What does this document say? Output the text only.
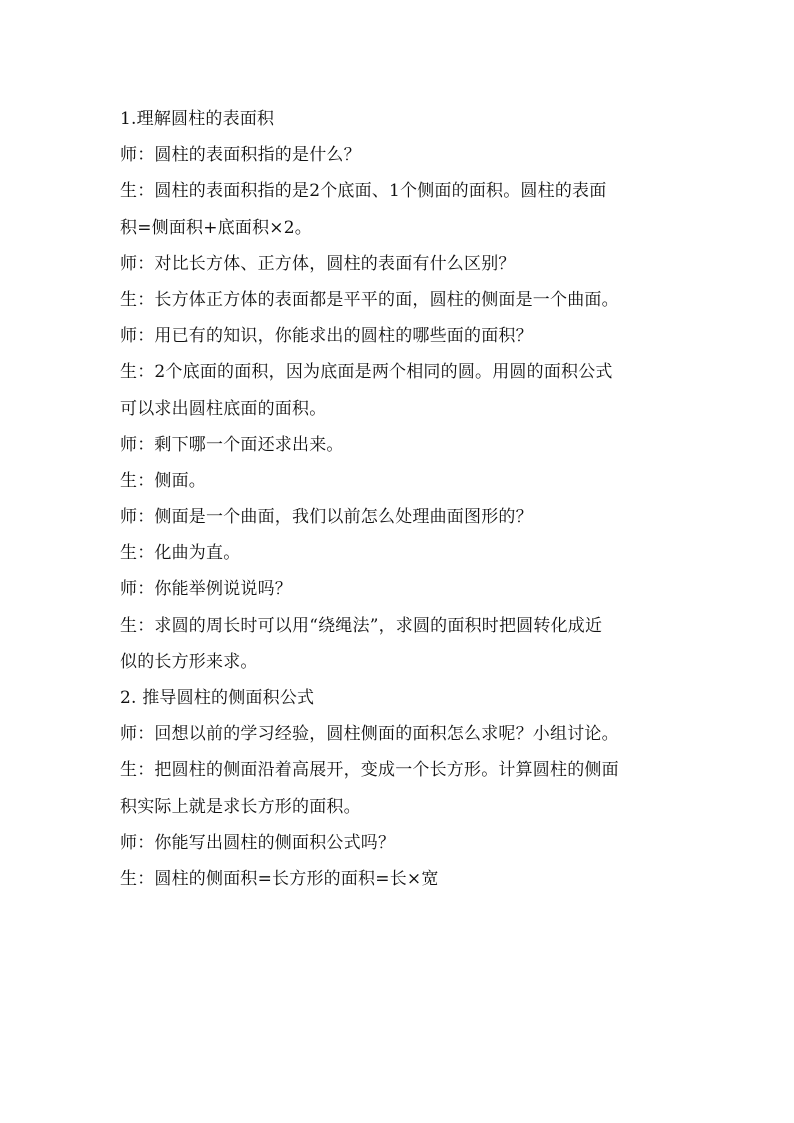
1.理解圆柱的表面积
师：圆柱的表面积指的是什么？
生：圆柱的表面积指的是2个底面、1个侧面的面积。圆柱的表面
积=侧面积+底面积×2。
师：对比长方体、正方体，圆柱的表面有什么区别？
生：长方体正方体的表面都是平平的面，圆柱的侧面是一个曲面。
师：用已有的知识，你能求出的圆柱的哪些面的面积？
生：2个底面的面积，因为底面是两个相同的圆。用圆的面积公式
可以求出圆柱底面的面积。
师：剩下哪一个面还求出来。
生：侧面。
师：侧面是一个曲面，我们以前怎么处理曲面图形的？
生：化曲为直。
师：你能举例说说吗？
生：求圆的周长时可以用“绕绳法”，求圆的面积时把圆转化成近
似的长方形来求。
2. 推导圆柱的侧面积公式
师：回想以前的学习经验，圆柱侧面的面积怎么求呢？小组讨论。
生：把圆柱的侧面沿着高展开，变成一个长方形。计算圆柱的侧面
积实际上就是求长方形的面积。
师：你能写出圆柱的侧面积公式吗？
生：圆柱的侧面积=长方形的面积=长×宽
